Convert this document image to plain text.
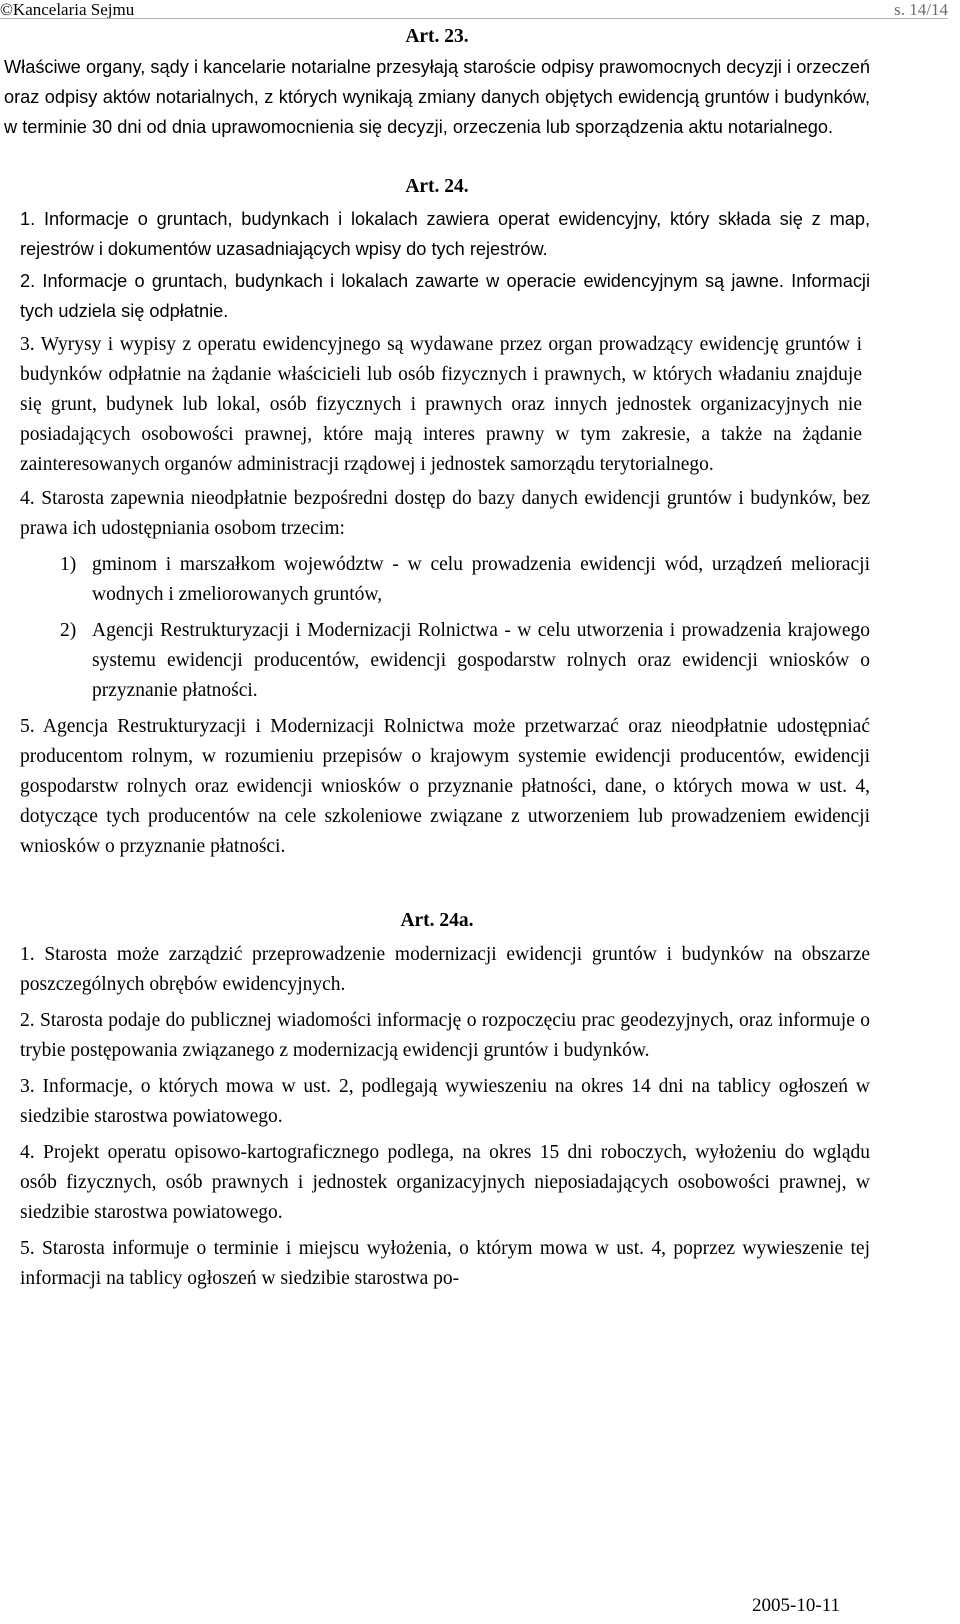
©Kancelaria Sejmu	s. 14/14

Art. 23.

Właściwe organy, sądy i kancelarie notarialne przesyłają staroście odpisy prawomocnych decyzji i orzeczeń oraz odpisy aktów notarialnych, z których wynikają zmiany danych objętych ewidencją gruntów i budynków, w terminie 30 dni od dnia uprawomocnienia się decyzji, orzeczenia lub sporządzenia aktu notarialnego.

Art. 24.

1. Informacje o gruntach, budynkach i lokalach zawiera operat ewidencyjny, który składa się z map, rejestrów i dokumentów uzasadniających wpisy do tych rejestrów.

2. Informacje o gruntach, budynkach i lokalach zawarte w operacie ewidencyjnym są jawne. Informacji tych udziela się odpłatnie.

3. Wyrysy i wypisy z operatu ewidencyjnego są wydawane przez organ prowadzący ewidencję gruntów i budynków odpłatnie na żądanie właścicieli lub osób fizycznych i prawnych, w których władaniu znajduje się grunt, budynek lub lokal, osób fizycznych i prawnych oraz innych jednostek organizacyjnych nie posiadających osobowości prawnej, które mają interes prawny w tym zakresie, a także na żądanie zainteresowanych organów administracji rządowej i jednostek samorządu terytorialnego.

4. Starosta zapewnia nieodpłatnie bezpośredni dostęp do bazy danych ewidencji gruntów i budynków, bez prawa ich udostępniania osobom trzecim:

1) gminom i marszałkom województw - w celu prowadzenia ewidencji wód, urządzeń melioracji wodnych i zmeliorowanych gruntów,

2) Agencji Restrukturyzacji i Modernizacji Rolnictwa - w celu utworzenia i prowadzenia krajowego systemu ewidencji producentów, ewidencji gospodarstw rolnych oraz ewidencji wniosków o przyznanie płatności.

5. Agencja Restrukturyzacji i Modernizacji Rolnictwa może przetwarzać oraz nieodpłatnie udostępniać producentom rolnym, w rozumieniu przepisów o krajowym systemie ewidencji producentów, ewidencji gospodarstw rolnych oraz ewidencji wniosków o przyznanie płatności, dane, o których mowa w ust. 4, dotyczące tych producentów na cele szkoleniowe związane z utworzeniem lub prowadzeniem ewidencji wniosków o przyznanie płatności.

Art. 24a.

1. Starosta może zarządzić przeprowadzenie modernizacji ewidencji gruntów i budynków na obszarze poszczególnych obrębów ewidencyjnych.

2. Starosta podaje do publicznej wiadomości informację o rozpoczęciu prac geodezyjnych, oraz informuje o trybie postępowania związanego z modernizacją ewidencji gruntów i budynków.

3. Informacje, o których mowa w ust. 2, podlegają wywieszeniu na okres 14 dni na tablicy ogłoszeń w siedzibie starostwa powiatowego.

4. Projekt operatu opisowo-kartograficznego podlega, na okres 15 dni roboczych, wyłożeniu do wglądu osób fizycznych, osób prawnych i jednostek organizacyjnych nieposiadających osobowości prawnej, w siedzibie starostwa powiatowego.

5. Starosta informuje o terminie i miejscu wyłożenia, o którym mowa w ust. 4, poprzez wywieszenie tej informacji na tablicy ogłoszeń w siedzibie starostwa po-

2005-10-11
